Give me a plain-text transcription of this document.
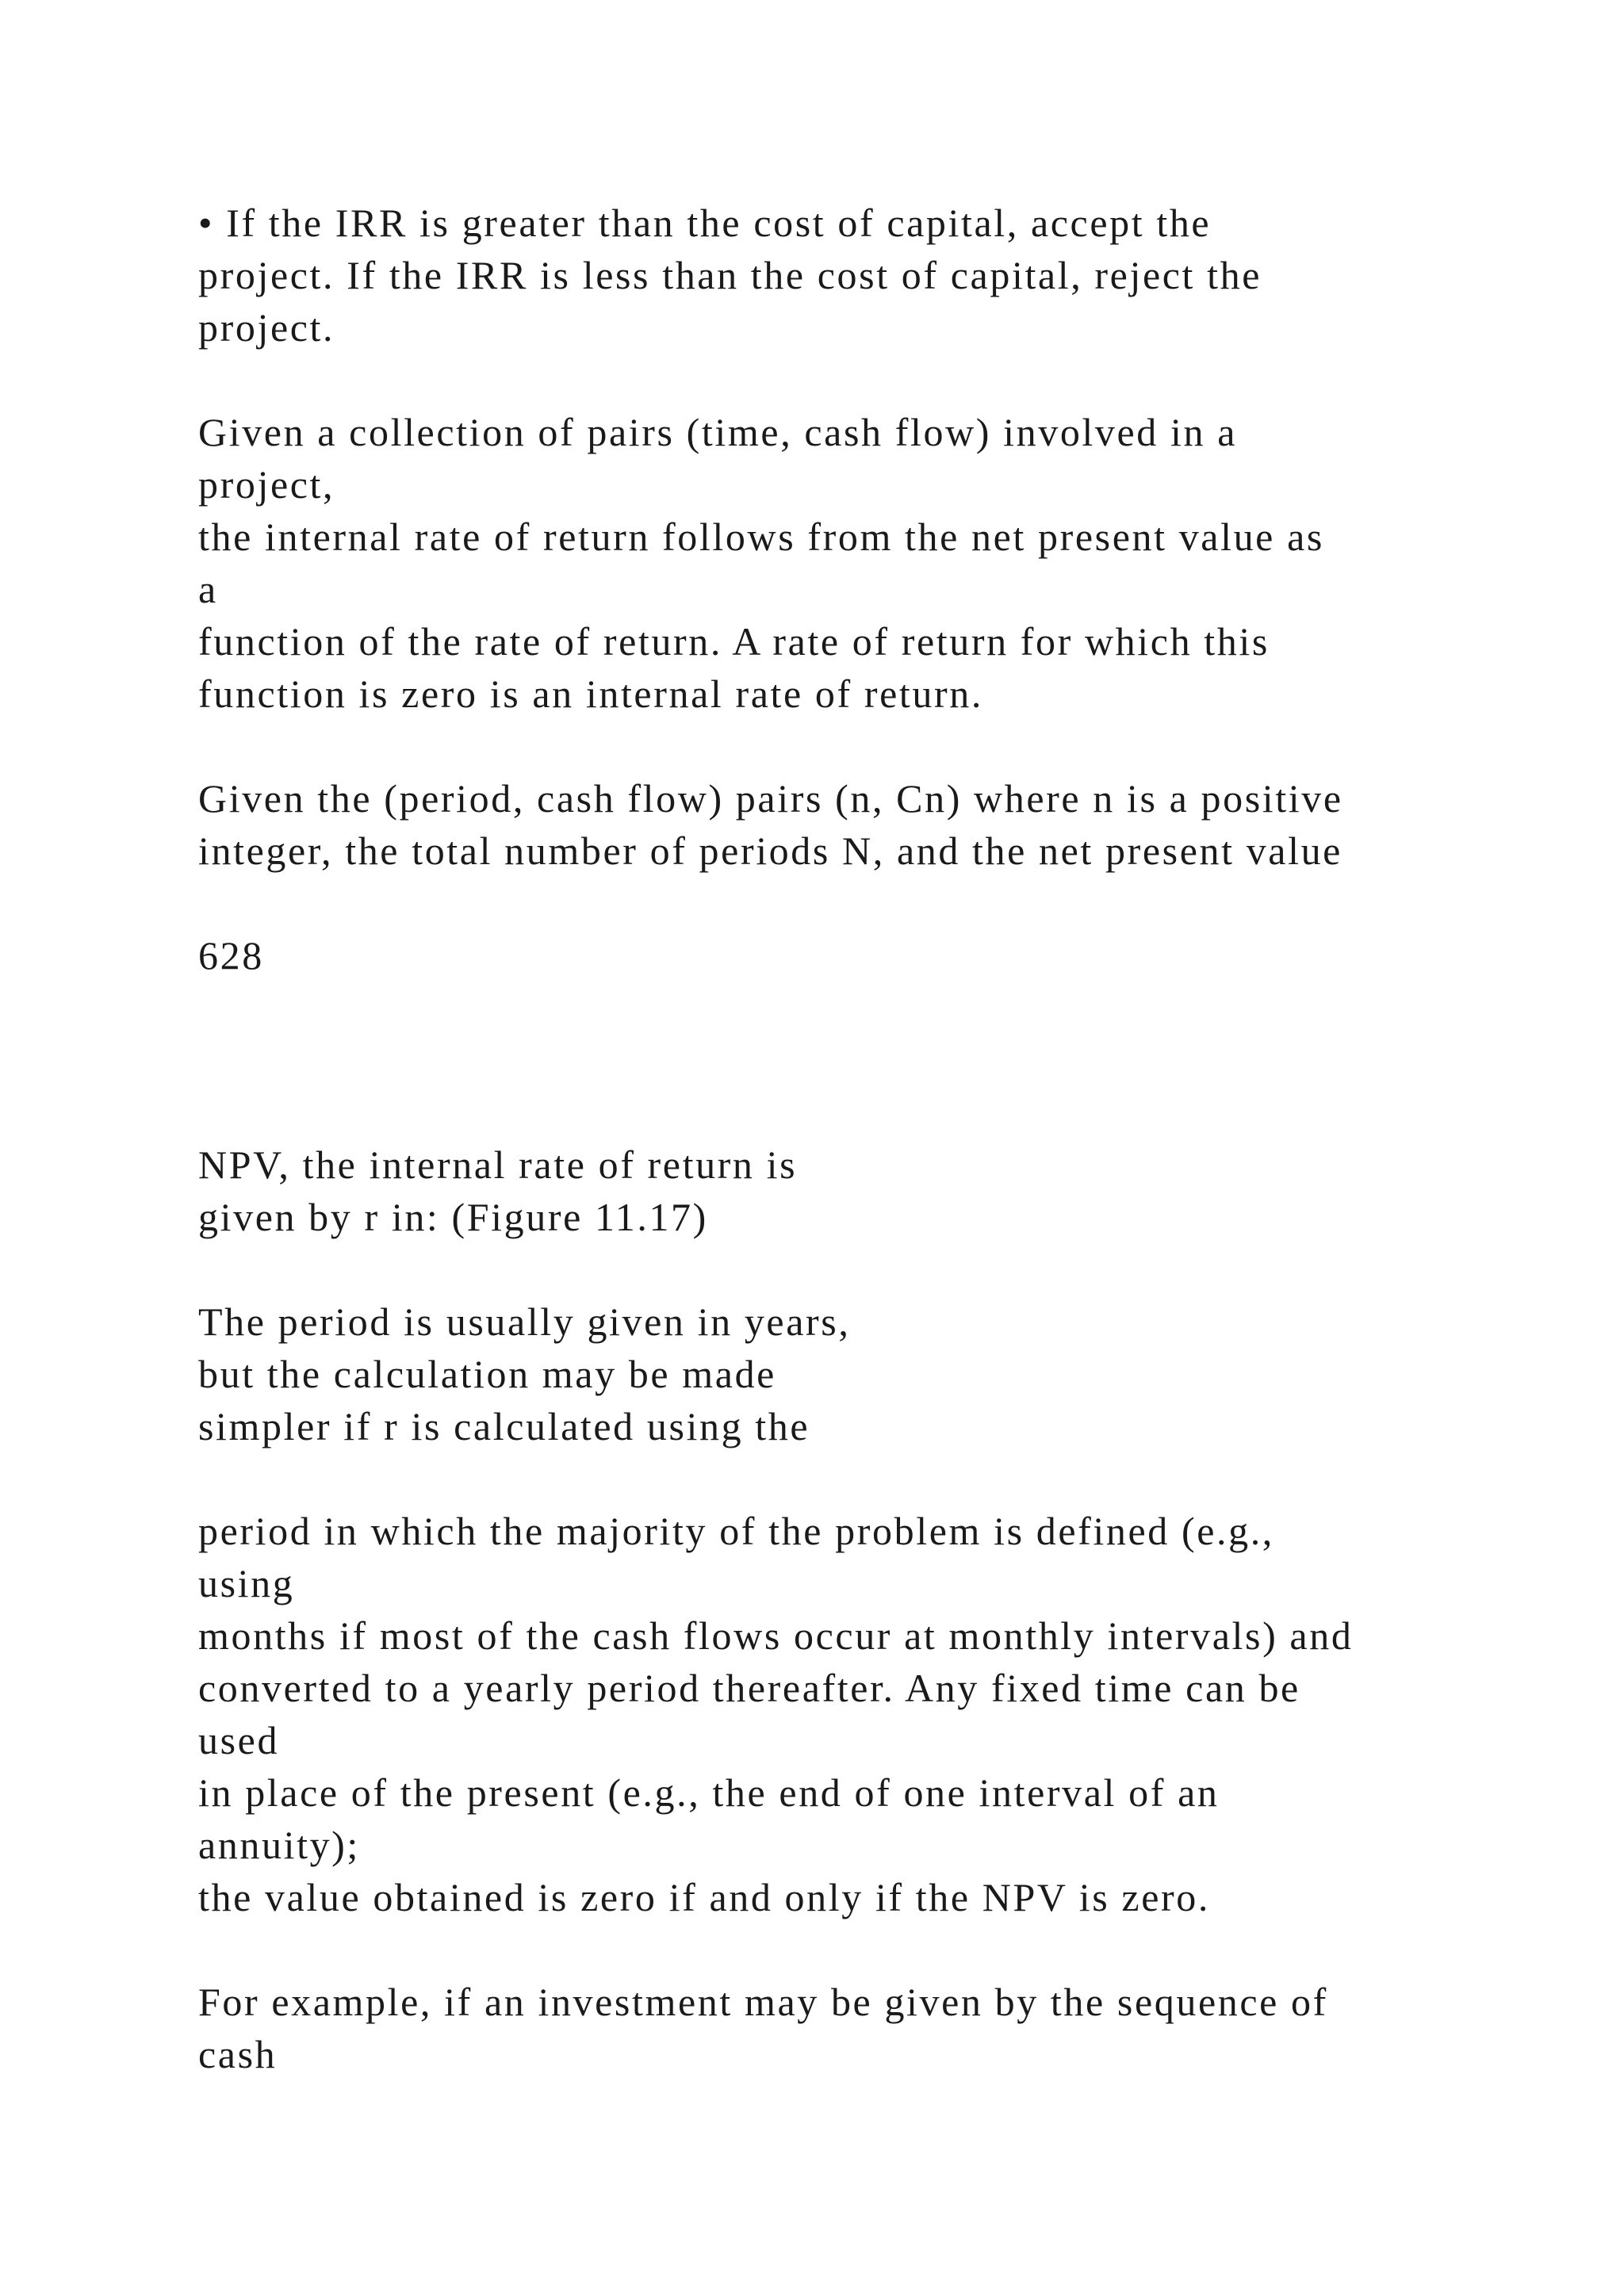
• If the IRR is greater than the cost of capital, accept the

project. If the IRR is less than the cost of capital, reject the

project.

Given a collection of pairs (time, cash flow) involved in a

project,

the internal rate of return follows from the net present value as

a

function of the rate of return. A rate of return for which this

function is zero is an internal rate of return.

Given the (period, cash flow) pairs (n, Cn) where n is a positive

integer, the total number of periods N, and the net present value

628

NPV, the internal rate of return is

given by r in: (Figure 11.17)

The period is usually given in years,

but the calculation may be made

simpler if r is calculated using the

period in which the majority of the problem is defined (e.g.,

using

months if most of the cash flows occur at monthly intervals) and

converted to a yearly period thereafter. Any fixed time can be

used

in place of the present (e.g., the end of one interval of an

annuity);

the value obtained is zero if and only if the NPV is zero.

For example, if an investment may be given by the sequence of

cash
